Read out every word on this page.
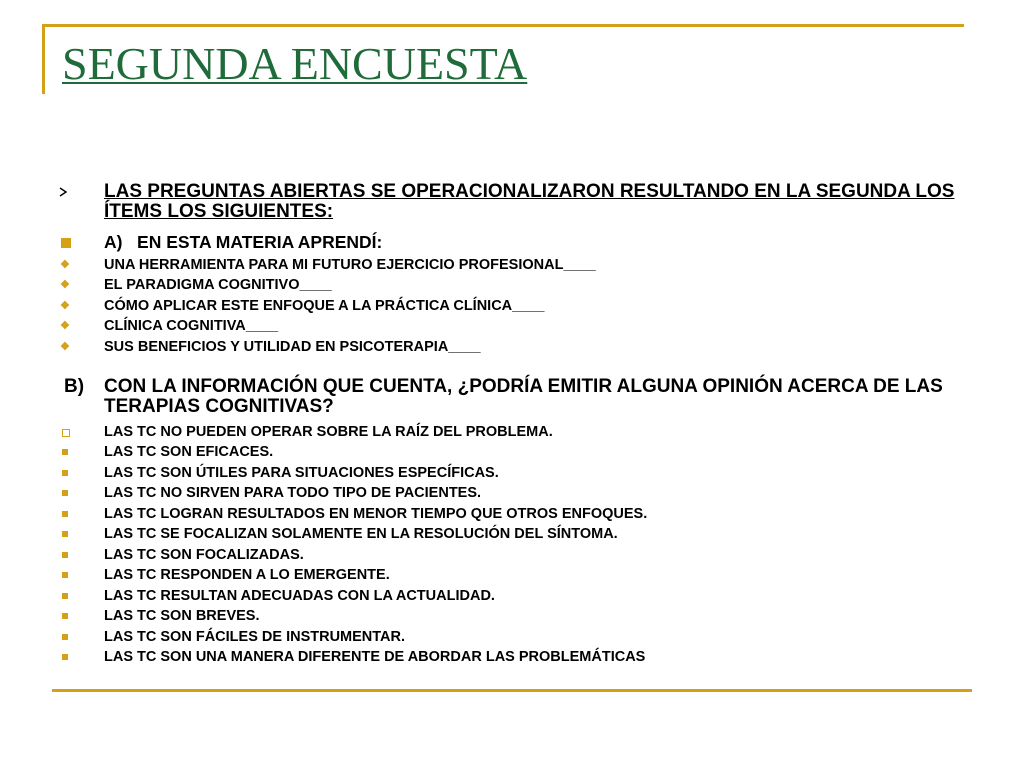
SEGUNDA ENCUESTA
LAS PREGUNTAS ABIERTAS SE OPERACIONALIZARON RESULTANDO EN LA SEGUNDA LOS ÍTEMS LOS SIGUIENTES:
A)   EN ESTA MATERIA APRENDÍ:
❖	UNA HERRAMIENTA PARA MI FUTURO EJERCICIO PROFESIONAL____
❖	EL PARADIGMA COGNITIVO____
❖	CÓMO APLICAR ESTE ENFOQUE A LA PRÁCTICA CLÍNICA____
❖	CLÍNICA COGNITIVA____
❖	SUS BENEFICIOS Y UTILIDAD EN PSICOTERAPIA____
B) CON LA INFORMACIÓN QUE CUENTA, ¿PODRÍA EMITIR ALGUNA OPINIÓN ACERCA DE LAS TERAPIAS COGNITIVAS?
LAS TC NO PUEDEN OPERAR SOBRE LA RAÍZ DEL PROBLEMA.
LAS TC SON EFICACES.
LAS TC SON ÚTILES PARA SITUACIONES ESPECÍFICAS.
LAS TC NO SIRVEN PARA TODO TIPO DE PACIENTES.
LAS TC LOGRAN RESULTADOS EN MENOR TIEMPO QUE OTROS ENFOQUES.
LAS TC SE FOCALIZAN SOLAMENTE EN LA RESOLUCIÓN DEL SÍNTOMA.
LAS TC SON FOCALIZADAS.
LAS TC RESPONDEN A LO EMERGENTE.
LAS TC RESULTAN ADECUADAS CON LA ACTUALIDAD.
LAS TC SON BREVES.
LAS TC SON FÁCILES DE INSTRUMENTAR.
LAS TC SON UNA MANERA DIFERENTE DE ABORDAR LAS PROBLEMÁTICAS
